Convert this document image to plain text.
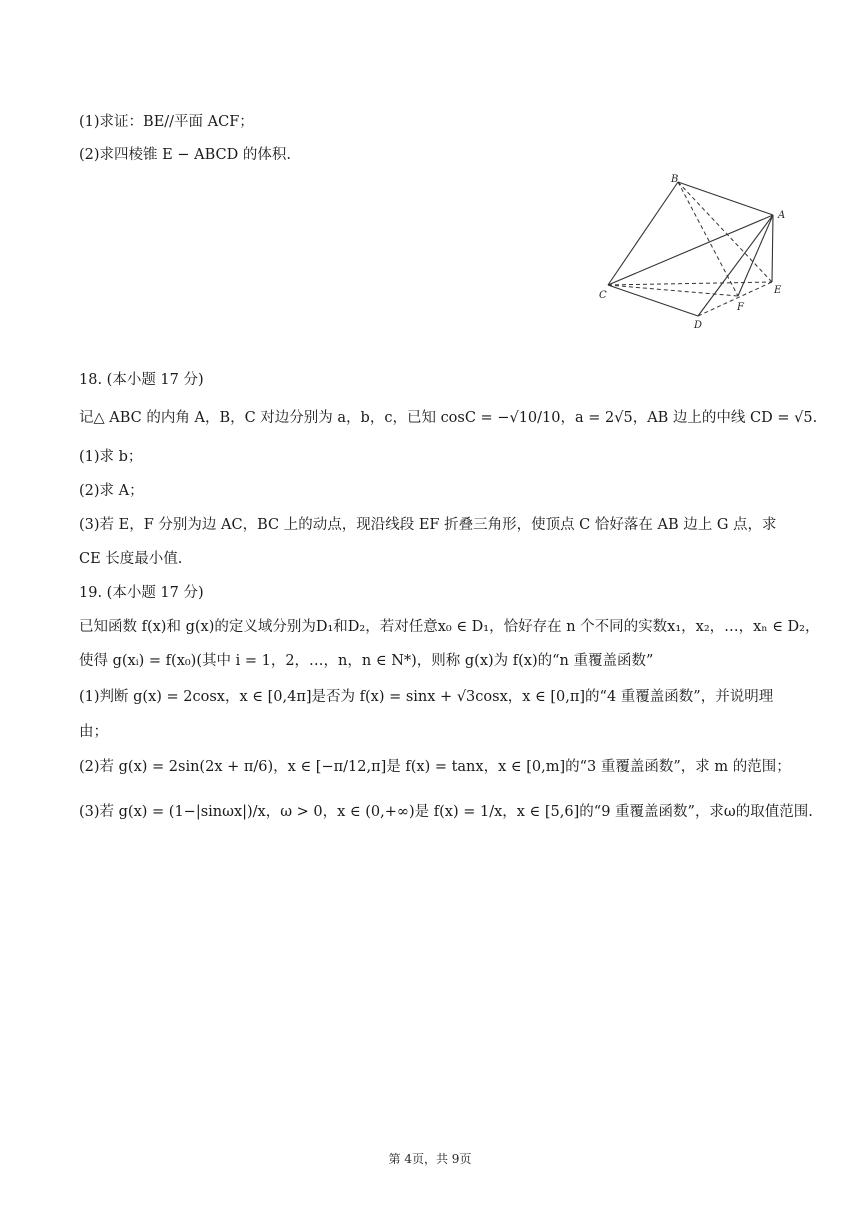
(1)求证：BE//平面 ACF；
(2)求四棱锥 E − ABCD 的体积.
B
A
C	E
F
D
18. (本小题 17 分)
记△ ABC 的内角 A，B，C 对边分别为 a，b，c，已知 cosC = −√10/10，a = 2√5，AB 边上的中线 CD = √5.
(1)求 b；
(2)求 A；
(3)若 E，F 分别为边 AC，BC 上的动点，现沿线段 EF 折叠三角形，使顶点 C 恰好落在 AB 边上 G 点，求
CE 长度最小值.
19. (本小题 17 分)
已知函数 f(x)和 g(x)的定义域分别为D₁和D₂，若对任意x₀ ∈ D₁，恰好存在 n 个不同的实数x₁，x₂，…，xₙ ∈ D₂，
使得 g(xᵢ) = f(x₀)(其中 i = 1，2，…，n，n ∈ N*)，则称 g(x)为 f(x)的“n 重覆盖函数”
(1)判断 g(x) = 2cosx，x ∈ [0,4π]是否为 f(x) = sinx + √3cosx，x ∈ [0,π]的“4 重覆盖函数”，并说明理
由；
(2)若 g(x) = 2sin(2x + π/6)，x ∈ [−π/12,π]是 f(x) = tanx，x ∈ [0,m]的“3 重覆盖函数”，求 m 的范围；
(3)若 g(x) = (1−|sinωx|)/x，ω > 0，x ∈ (0,+∞)是 f(x) = 1/x，x ∈ [5,6]的“9 重覆盖函数”，求ω的取值范围.
第 4页，共 9页
